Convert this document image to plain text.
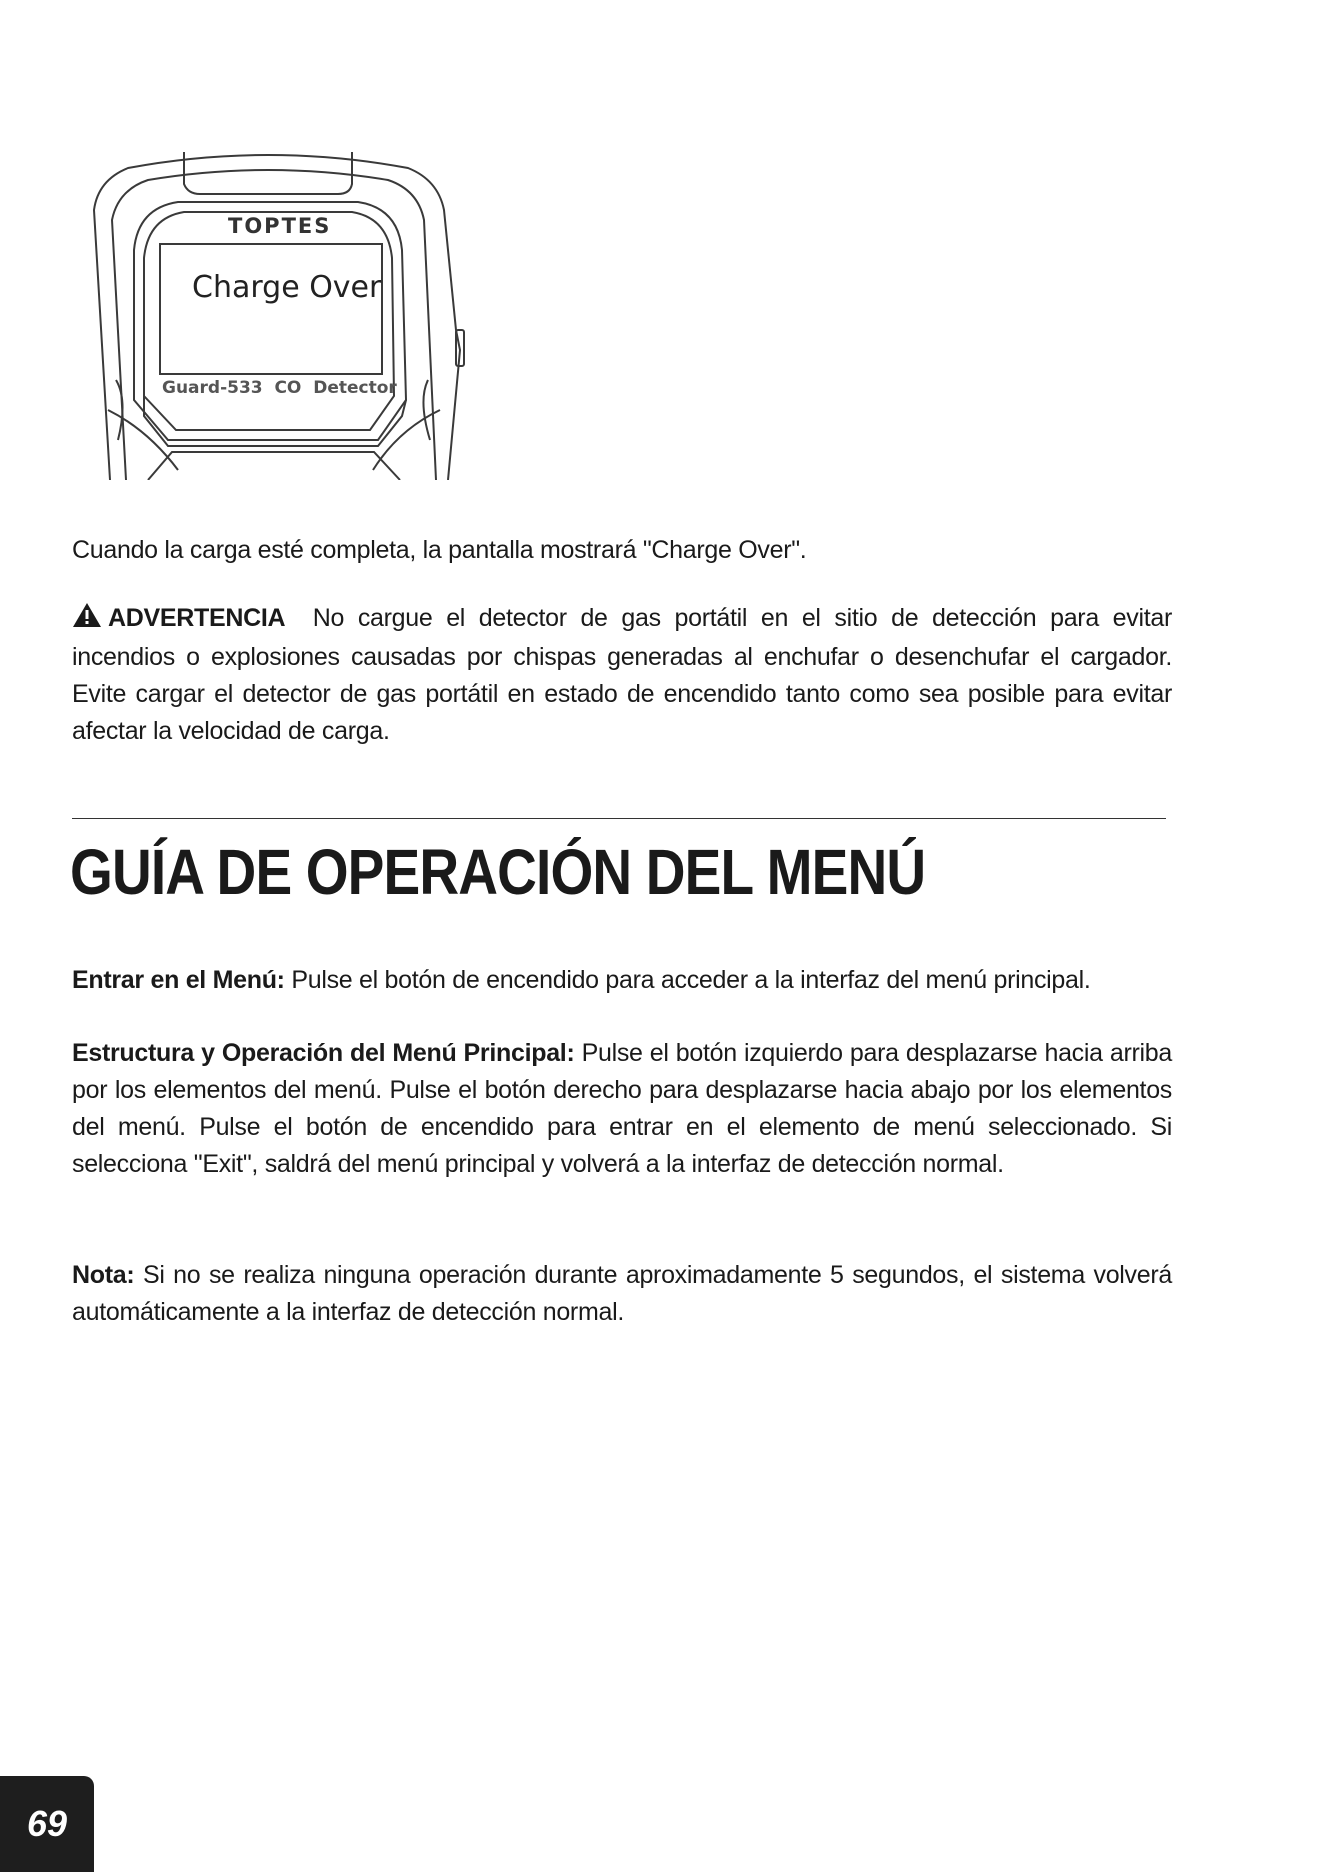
TOPTES
Charge Over
Guard-533  CO  Detector

Cuando la carga esté completa, la pantalla mostrará "Charge Over".

ADVERTENCIA No cargue el detector de gas portátil en el sitio de detección para evitar incendios o explosiones causadas por chispas generadas al enchufar o desenchufar el cargador. Evite cargar el detector de gas portátil en estado de encendido tanto como sea posible para evitar afectar la velocidad de carga.

GUÍA DE OPERACIÓN DEL MENÚ

Entrar en el Menú: Pulse el botón de encendido para acceder a la interfaz del menú principal.

Estructura y Operación del Menú Principal: Pulse el botón izquierdo para desplazarse hacia arriba por los elementos del menú. Pulse el botón derecho para desplazarse hacia abajo por los elementos del menú. Pulse el botón de encendido para entrar en el elemento de menú seleccionado. Si selecciona "Exit", saldrá del menú principal y volverá a la interfaz de detección normal.

Nota: Si no se realiza ninguna operación durante aproximadamente 5 segundos, el sistema volverá automáticamente a la interfaz de detección normal.

69
